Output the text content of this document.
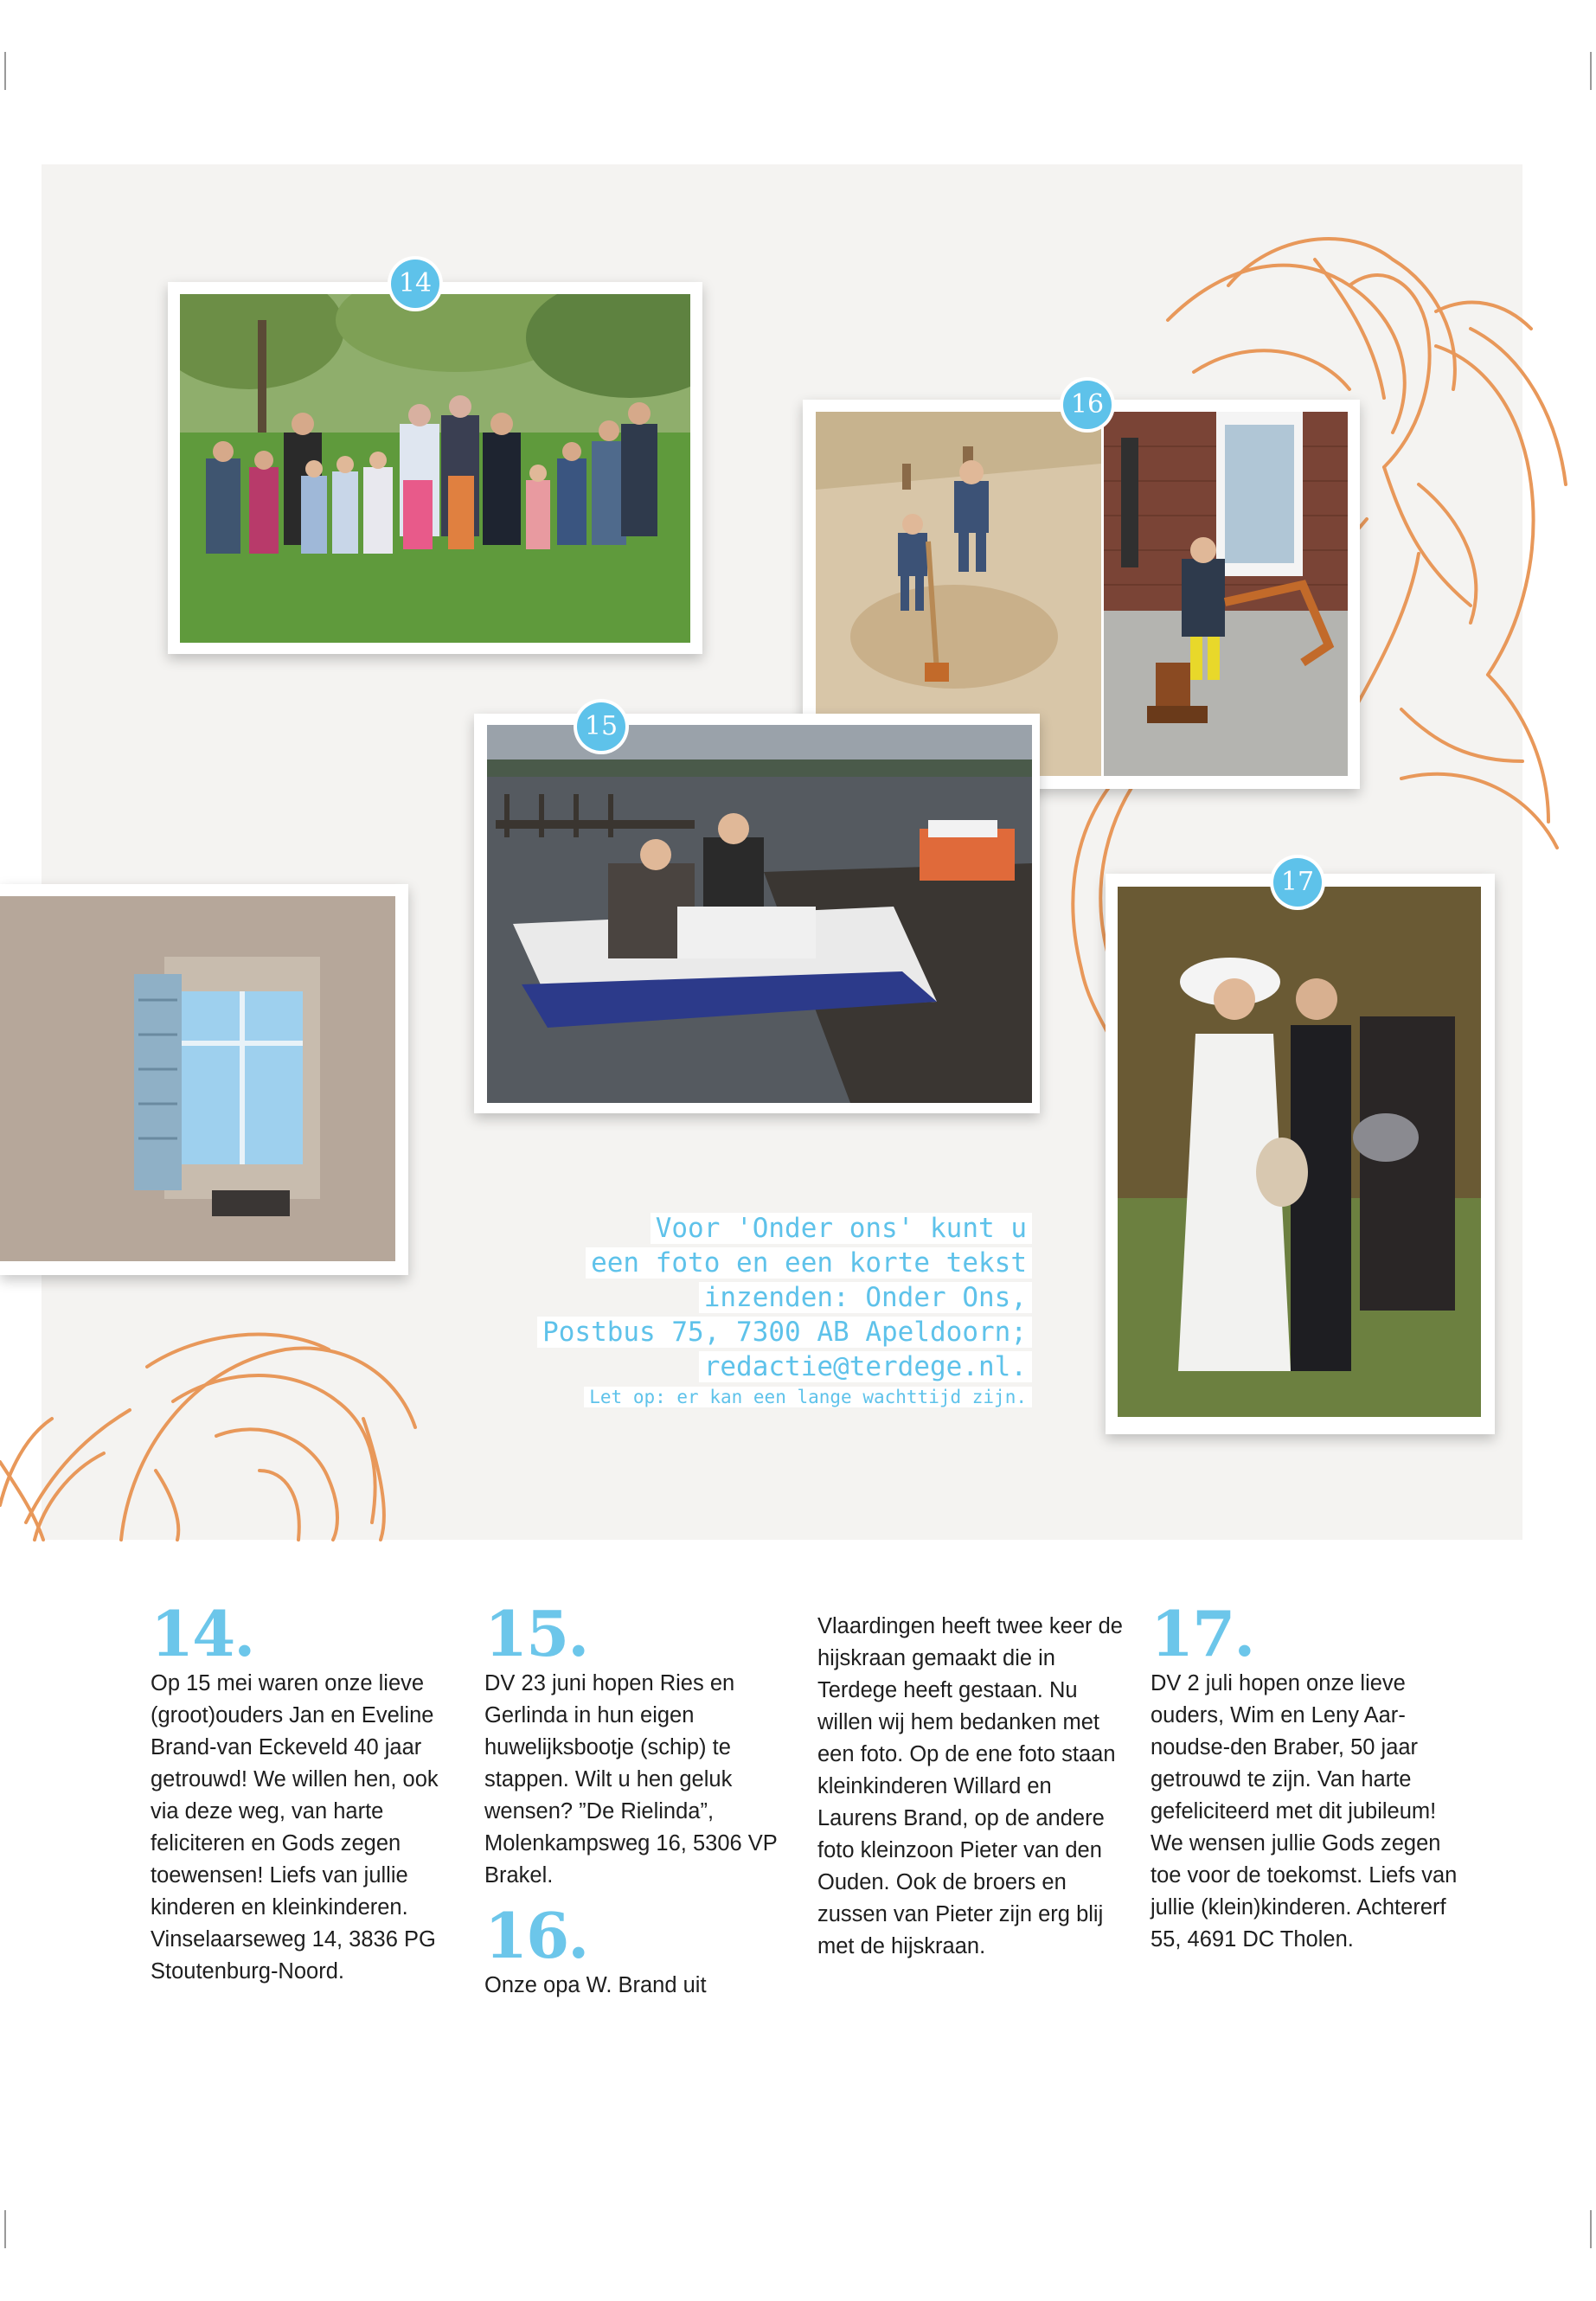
14
16
15
17
Voor 'Onder ons' kunt u
een foto en een korte tekst
inzenden: Onder Ons,
Postbus 75, 7300 AB Apeldoorn;
redactie@terdege.nl.
Let op: er kan een lange wachttijd zijn.
14.

Op 15 mei waren onze lieve (groot)ouders Jan en Eveline Brand-van Eckeveld 40 jaar getrouwd! We willen hen, ook via deze weg, van harte feliciteren en Gods zegen toewensen! Liefs van jullie kinderen en kleinkinderen. Vinselaarseweg 14, 3836 PG Stoutenburg-Noord.

15.

DV 23 juni hopen Ries en Gerlinda in hun eigen huwelijksbootje (schip) te stappen. Wilt u hen geluk wensen? ”De Rielinda”, Molenkampsweg 16, 5306 VP Brakel.

16.

Onze opa W. Brand uit

Vlaardingen heeft twee keer de hijskraan gemaakt die in Terdege heeft gestaan. Nu willen wij hem bedanken met een foto. Op de ene foto staan kleinkinderen Willard en Laurens Brand, op de andere foto kleinzoon Pieter van den Ouden. Ook de broers en zussen van Pieter zijn erg blij met de hijskraan.

17.

DV 2 juli hopen onze lieve ouders, Wim en Leny Aarnoudse-den Braber, 50 jaar getrouwd te zijn. Van harte gefeliciteerd met dit jubileum! We wensen jullie Gods zegen toe voor de toekomst. Liefs van jullie (klein)kinderen. Achtererf 55, 4691 DC Tholen.
